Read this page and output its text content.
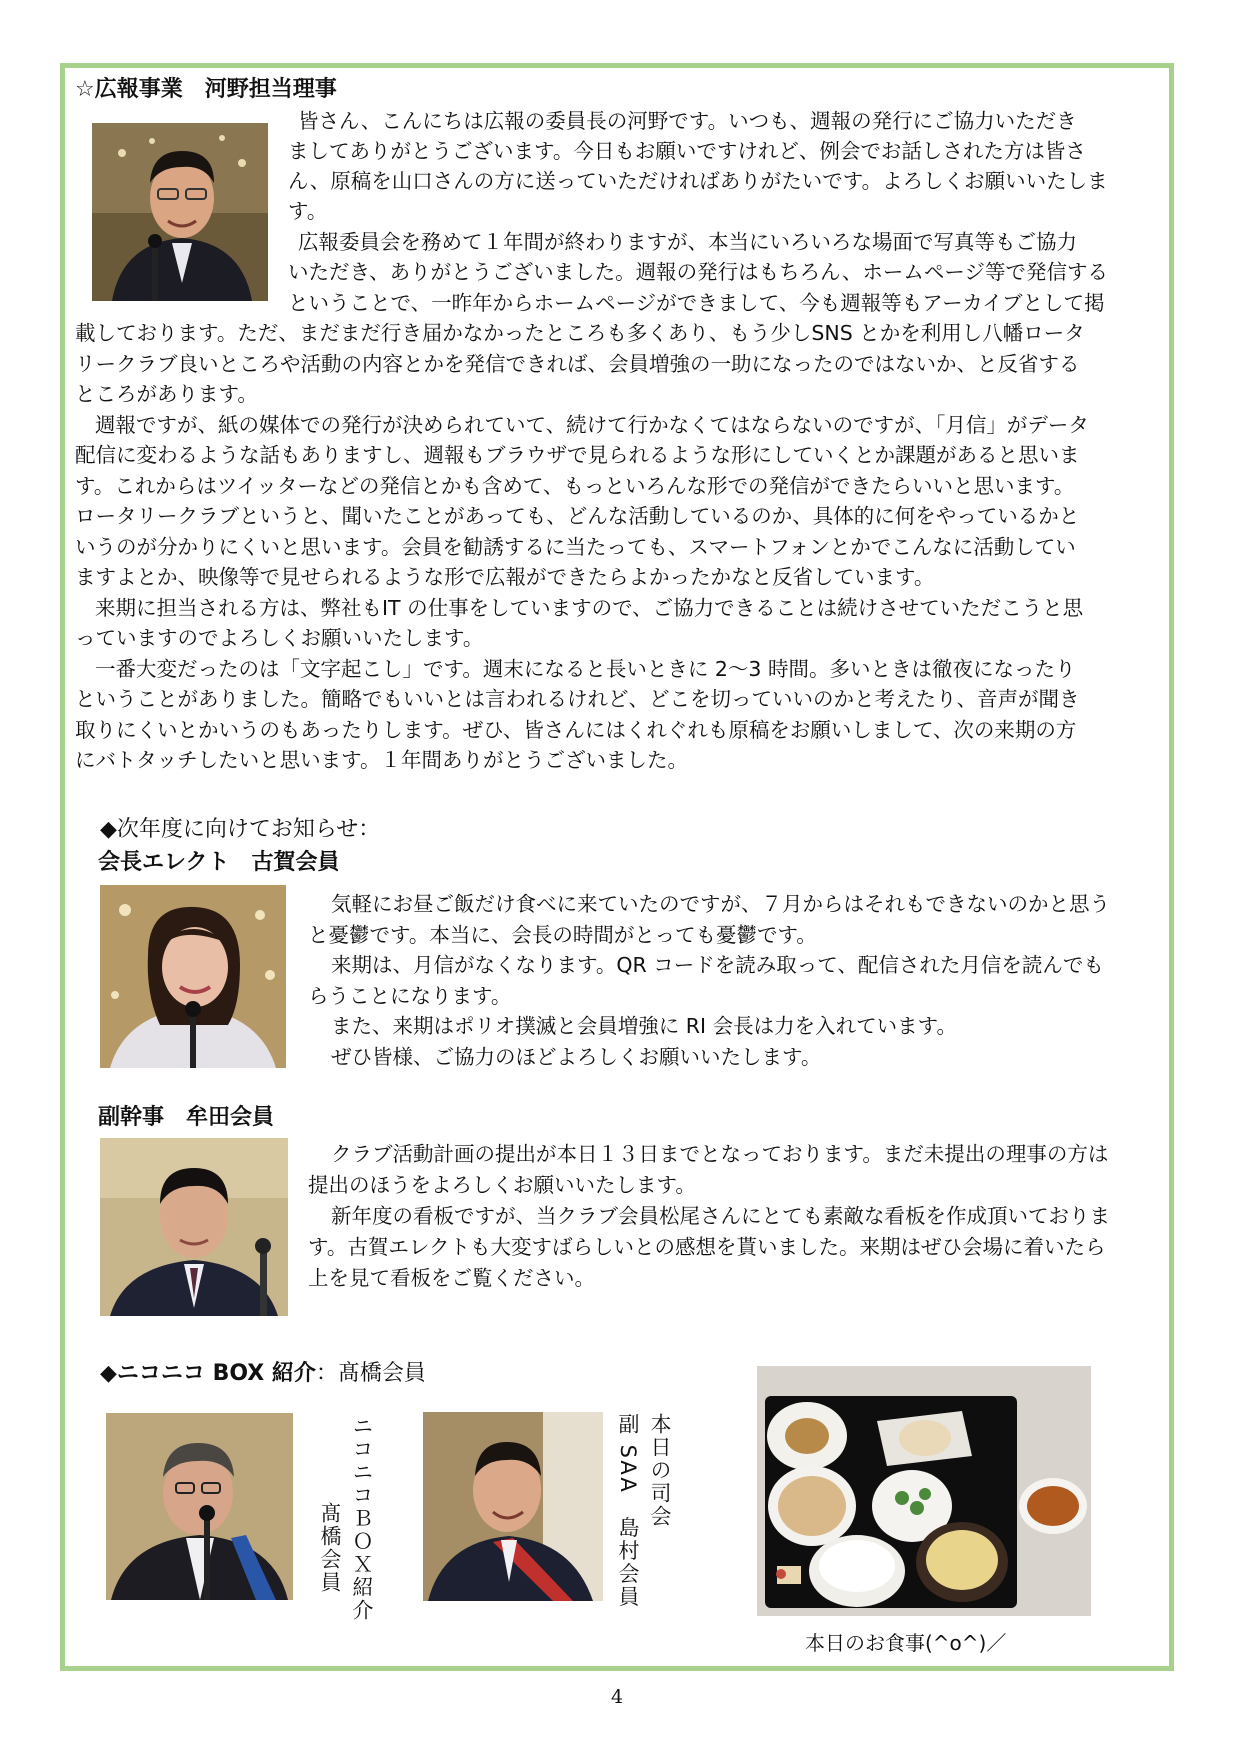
☆広報事業　河野担当理事
皆さん、こんにちは広報の委員長の河野です。いつも、週報の発行にご協力いただき
ましてありがとうございます。今日もお願いですけれど、例会でお話しされた方は皆さ
ん、原稿を山口さんの方に送っていただければありがたいです。よろしくお願いいたしま
す。
広報委員会を務めて１年間が終わりますが、本当にいろいろな場面で写真等もご協力
いただき、ありがとうございました。週報の発行はもちろん、ホームページ等で発信する
ということで、一昨年からホームページができまして、今も週報等もアーカイブとして掲
載しております。ただ、まだまだ行き届かなかったところも多くあり、もう少しSNS とかを利用し八幡ロータ
リークラブ良いところや活動の内容とかを発信できれば、会員増強の一助になったのではないか、と反省する
ところがあります。
週報ですが、紙の媒体での発行が決められていて、続けて行かなくてはならないのですが、「月信」がデータ
配信に変わるような話もありますし、週報もブラウザで見られるような形にしていくとか課題があると思いま
す。これからはツイッターなどの発信とかも含めて、もっといろんな形での発信ができたらいいと思います。
ロータリークラブというと、聞いたことがあっても、どんな活動しているのか、具体的に何をやっているかと
いうのが分かりにくいと思います。会員を勧誘するに当たっても、スマートフォンとかでこんなに活動してい
ますよとか、映像等で見せられるような形で広報ができたらよかったかなと反省しています。
来期に担当される方は、弊社もIT の仕事をしていますので、ご協力できることは続けさせていただこうと思
っていますのでよろしくお願いいたします。
一番大変だったのは「文字起こし」です。週末になると長いときに 2〜3 時間。多いときは徹夜になったり
ということがありました。簡略でもいいとは言われるけれど、どこを切っていいのかと考えたり、音声が聞き
取りにくいとかいうのもあったりします。ぜひ、皆さんにはくれぐれも原稿をお願いしまして、次の来期の方
にバトタッチしたいと思います。１年間ありがとうございました。
◆次年度に向けてお知らせ：
会長エレクト　古賀会員
気軽にお昼ご飯だけ食べに来ていたのですが、７月からはそれもできないのかと思う
と憂鬱です。本当に、会長の時間がとっても憂鬱です。
来期は、月信がなくなります。QR コードを読み取って、配信された月信を読んでも
らうことになります。
また、来期はポリオ撲滅と会員増強に RI 会長は力を入れています。
ぜひ皆様、ご協力のほどよろしくお願いいたします。
副幹事　牟田会員
クラブ活動計画の提出が本日１３日までとなっております。まだ未提出の理事の方は
提出のほうをよろしくお願いいたします。
新年度の看板ですが、当クラブ会員松尾さんにとても素敵な看板を作成頂いておりま
す。古賀エレクトも大変すばらしいとの感想を貰いました。来期はぜひ会場に着いたら
上を見て看板をご覧ください。
◆ニコニコ BOX 紹介：髙橋会員
ニコニコＢＯＸ紹介
髙橋会員
本日の司会
副 SAA　島村会員
本日のお食事(^o^)／
4
